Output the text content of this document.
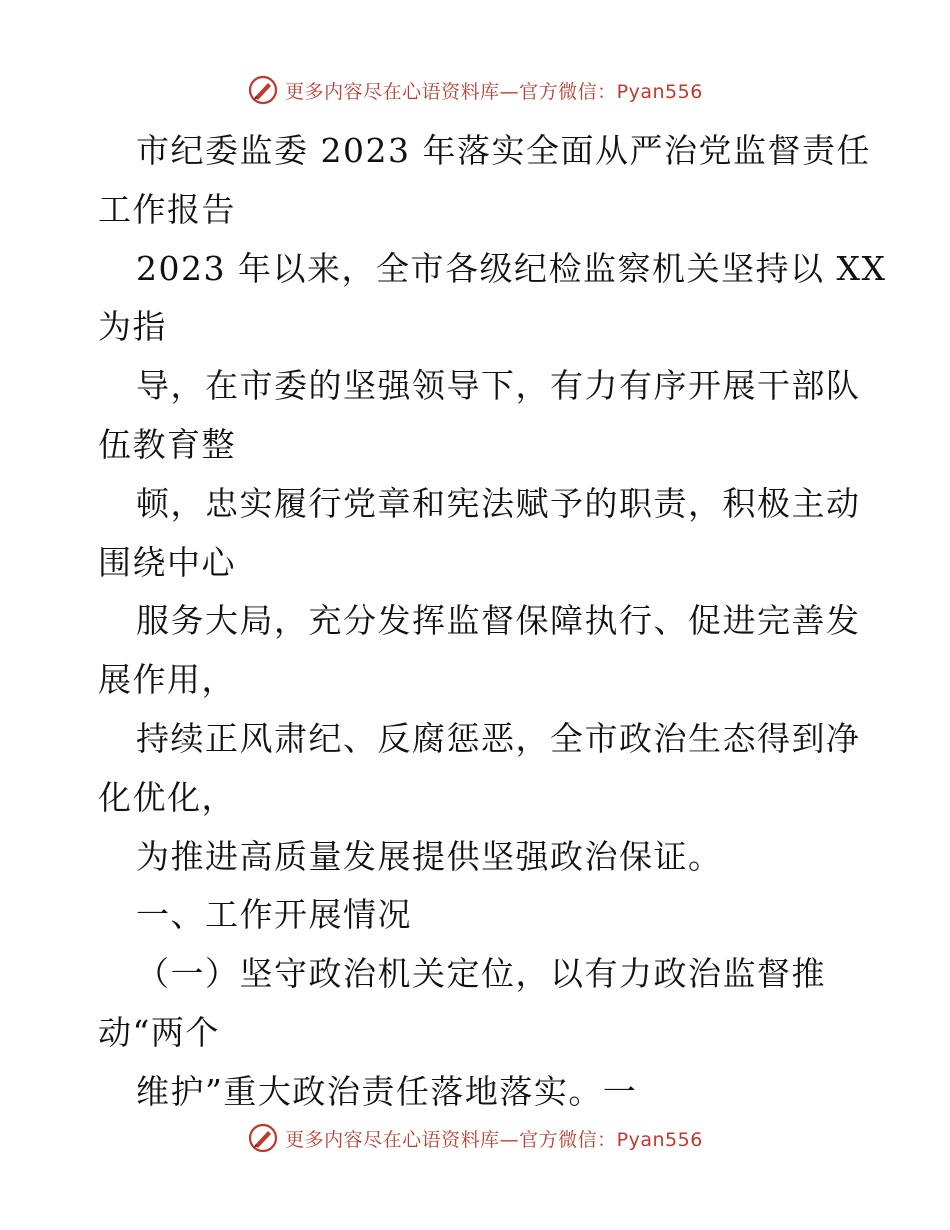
更多内容尽在心语资料库—官方微信：Pyan556
市纪委监委 2023 年落实全面从严治党监督责任
工作报告
2023 年以来，全市各级纪检监察机关坚持以 XX
为指
导，在市委的坚强领导下，有力有序开展干部队
伍教育整
顿，忠实履行党章和宪法赋予的职责，积极主动
围绕中心
服务大局，充分发挥监督保障执行、促进完善发
展作用，
持续正风肃纪、反腐惩恶，全市政治生态得到净
化优化，
为推进高质量发展提供坚强政治保证。
一、工作开展情况
（一）坚守政治机关定位，以有力政治监督推
动“两个
维护”重大政治责任落地落实。一
更多内容尽在心语资料库—官方微信：Pyan556
